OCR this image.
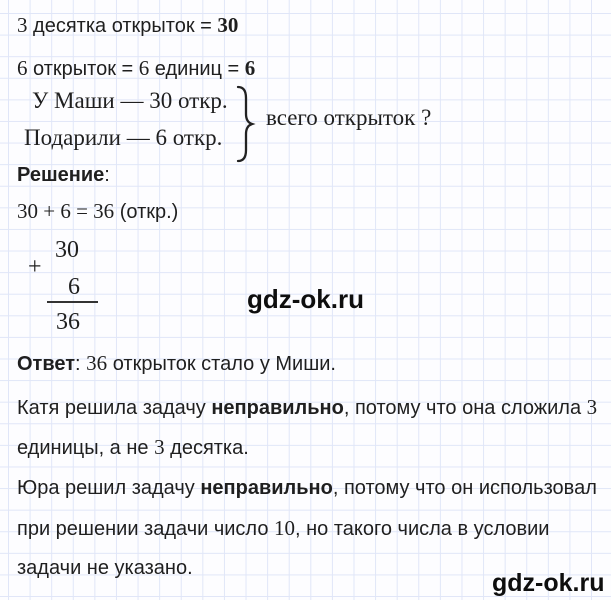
3 десятка открыток = 30
6 открыток = 6 единиц = 6
У Маши — 30 откр.
Подарили — 6 откр.
всего открыток ?
Решение:
30 + 6 = 36 (откр.)
+
30
6
36
gdz-ok.ru
Ответ: 36 открыток стало у Миши.
Катя решила задачу неправильно, потому что она сложила 3
единицы, а не 3 десятка.
Юра решил задачу неправильно, потому что он использовал
при решении задачи число 10, но такого числа в условии
задачи не указано.
gdz-ok.ru
